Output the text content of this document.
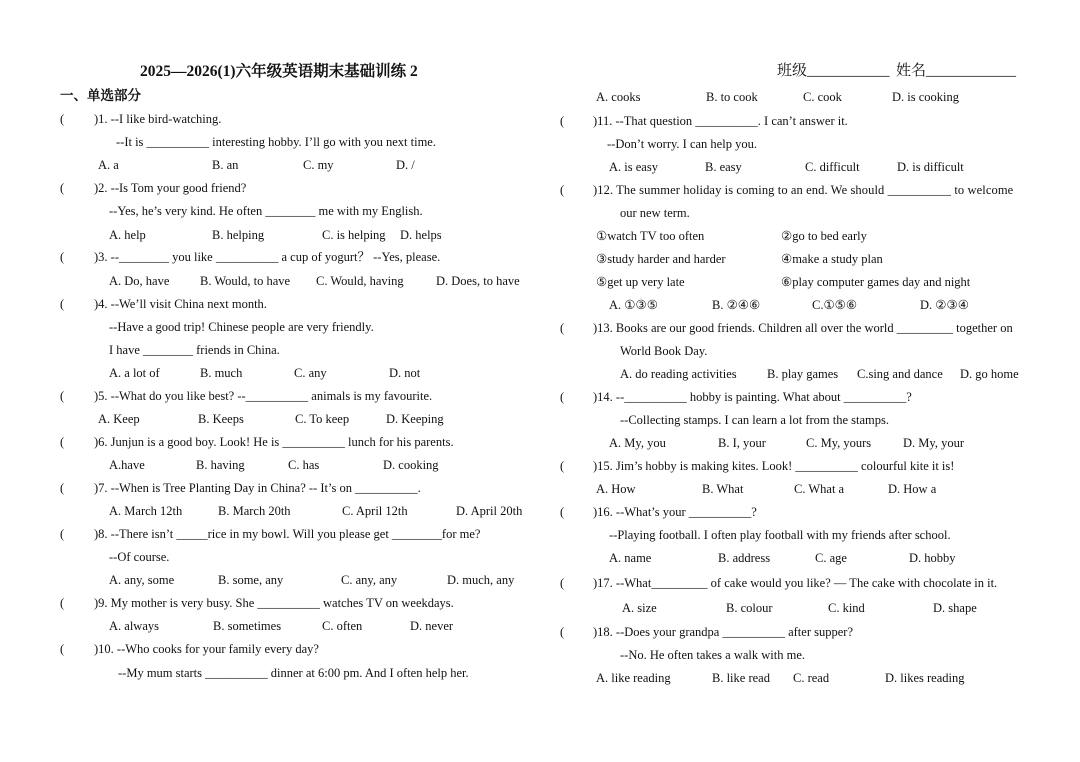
2025—2026(1)六年级英语期末基础训练 2	班级___________ 姓名____________
一、单选部分
( )1. --I like bird-watching.
--It is __________ interesting hobby. I’ll go with you next time.
A. a	B. an	C. my	D. /
( )2. --Is Tom your good friend?
--Yes, he’s very kind. He often ________ me with my English.
A. help	B. helping	C. is helping D. helps
( )3. --________ you like __________ a cup of yogurt？ --Yes, please.
A. Do, have B. Would, to have C. Would, having	D. Does, to have
( )4. --We’ll visit China next month.
--Have a good trip! Chinese people are very friendly.
I have ________ friends in China.
A. a lot of	B. much	C. any	D. not
( )5. --What do you like best? --__________ animals is my favourite.
A. Keep	B. Keeps	C. To keep	D. Keeping
( )6. Junjun is a good boy. Look! He is __________ lunch for his parents.
A.have	B. having	C. has	D. cooking
( )7. --When is Tree Planting Day in China? -- It’s on __________.
A. March 12th	B. March 20th	C. April 12th	D. April 20th
( )8. --There isn’t _____rice in my bowl. Will you please get ________for me?
--Of course.
A. any, some	B. some, any	C. any, any	D. much, any
( )9. My mother is very busy. She __________ watches TV on weekdays.
A. always	B. sometimes	C. often	D. never
( )10. --Who cooks for your family every day?
--My mum starts __________ dinner at 6:00 pm. And I often help her.
A. cooks	B. to cook	C. cook	D. is cooking
( )11. --That question __________. I can’t answer it.
--Don’t worry. I can help you.
A. is easy	B. easy	C. difficult	D. is difficult
( )12. The summer holiday is coming to an end. We should __________ to welcome
our new term.
①watch TV too often	②go to bed early
③study harder and harder	④make a study plan
⑤get up very late	⑥play computer games day and night
A. ①③⑤	B. ②④⑥	C.①⑤⑥	D. ②③④
( )13. Books are our good friends. Children all over the world _________ together on
World Book Day.
A. do reading activities B. play games C.sing and dance D. go home
( )14. --__________ hobby is painting. What about __________?
--Collecting stamps. I can learn a lot from the stamps.
A. My, you	B. I, your	C. My, yours	D. My, your
( )15. Jim’s hobby is making kites. Look! __________ colourful kite it is!
A. How	B. What	C. What a	D. How a
( )16. --What’s your __________?
--Playing football. I often play football with my friends after school.
A. name	B. address	C. age	D. hobby
( )17. --What_________ of cake would you like? — The cake with chocolate in it.
A. size	B. colour	C. kind	D. shape
( )18. --Does your grandpa __________ after supper?
--No. He often takes a walk with me.
A. like reading	B. like read C. read	D. likes reading
